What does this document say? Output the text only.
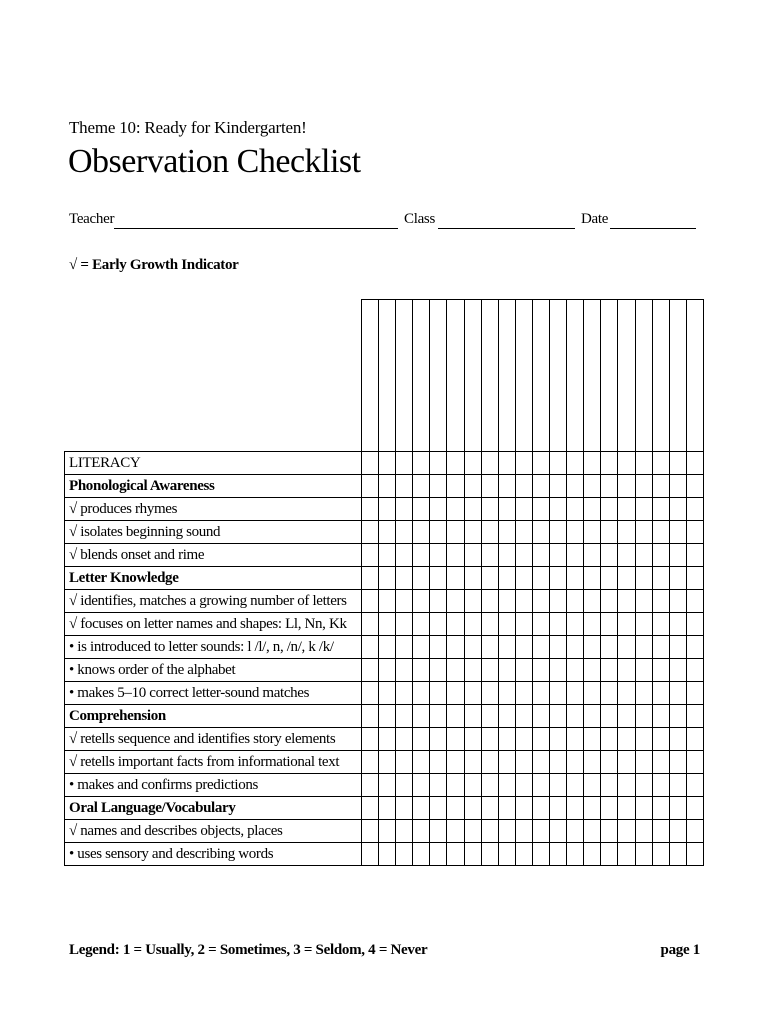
Theme 10: Ready for Kindergarten!
Observation Checklist
Teacher	Class	Date
√ = Early Growth Indicator

LITERACY																				
Phonological Awareness																				
√ produces rhymes																				
√ isolates beginning sound																				
√ blends onset and rime																				
Letter Knowledge																				
√ identifies, matches a growing number of letters																				
√ focuses on letter names and shapes: Ll, Nn, Kk																				
• is introduced to letter sounds: l /l/, n, /n/, k /k/																				
• knows order of the alphabet																				
• makes 5–10 correct letter-sound matches																				
Comprehension																				
√ retells sequence and identifies story elements																				
√ retells important facts from informational text																				
• makes and confirms predictions																				
Oral Language/Vocabulary																				
√ names and describes objects, places																				
• uses sensory and describing words																				
Legend: 1 = Usually, 2 = Sometimes, 3 = Seldom, 4 = Never	page 1
